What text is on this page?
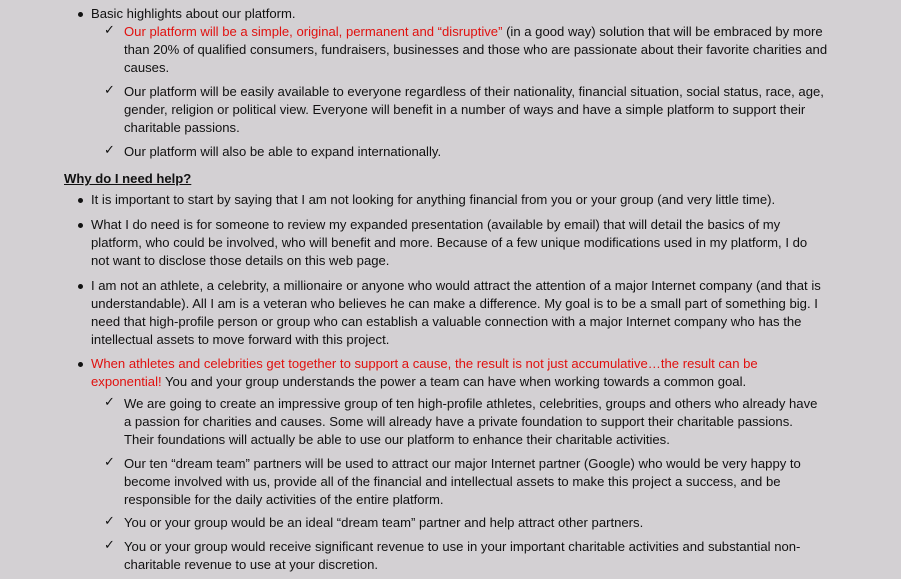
Basic highlights about our platform.
✓ Our platform will be a simple, original, permanent and “disruptive” (in a good way) solution that will be embraced by more than 20% of qualified consumers, fundraisers, businesses and those who are passionate about their favorite charities and causes.
✓ Our platform will be easily available to everyone regardless of their nationality, financial situation, social status, race, age, gender, religion or political view. Everyone will benefit in a number of ways and have a simple platform to support their charitable passions.
✓ Our platform will also be able to expand internationally.
Why do I need help?
It is important to start by saying that I am not looking for anything financial from you or your group (and very little time).
What I do need is for someone to review my expanded presentation (available by email) that will detail the basics of my platform, who could be involved, who will benefit and more. Because of a few unique modifications used in my platform, I do not want to disclose those details on this web page.
I am not an athlete, a celebrity, a millionaire or anyone who would attract the attention of a major Internet company (and that is understandable). All I am is a veteran who believes he can make a difference. My goal is to be a small part of something big. I need that high-profile person or group who can establish a valuable connection with a major Internet company who has the intellectual assets to move forward with this project.
When athletes and celebrities get together to support a cause, the result is not just accumulative…the result can be exponential! You and your group understands the power a team can have when working towards a common goal.
✓ We are going to create an impressive group of ten high-profile athletes, celebrities, groups and others who already have a passion for charities and causes. Some will already have a private foundation to support their charitable passions. Their foundations will actually be able to use our platform to enhance their charitable activities.
✓ Our ten “dream team” partners will be used to attract our major Internet partner (Google) who would be very happy to become involved with us, provide all of the financial and intellectual assets to make this project a success, and be responsible for the daily activities of the entire platform.
✓ You or your group would be an ideal “dream team” partner and help attract other partners.
✓ You or your group would receive significant revenue to use in your important charitable activities and substantial non-charitable revenue to use at your discretion.
